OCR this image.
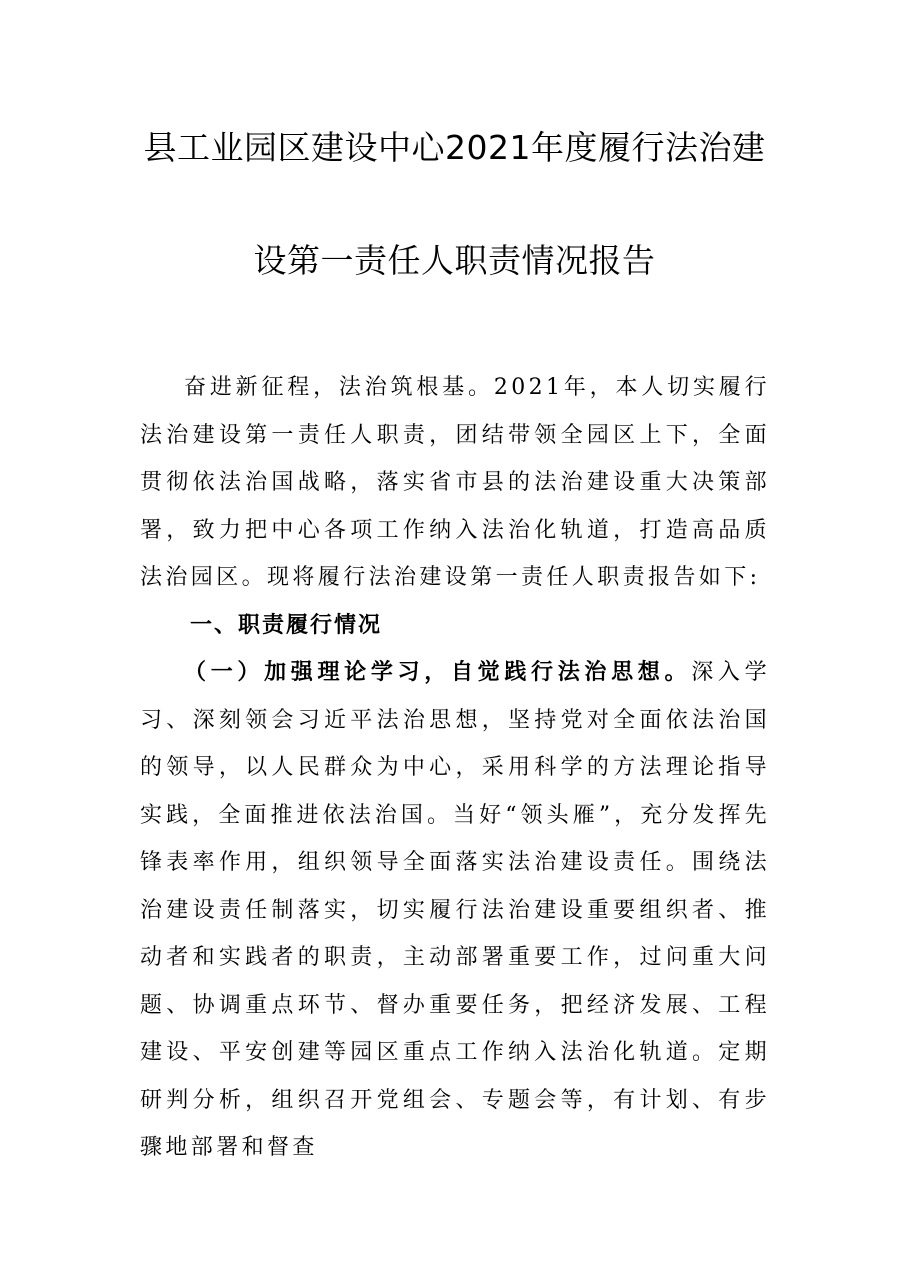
县工业园区建设中心2021年度履行法治建
设第一责任人职责情况报告

奋进新征程，法治筑根基。2021年，本人切实履行法治建设第一责任人职责，团结带领全园区上下，全面贯彻依法治国战略，落实省市县的法治建设重大决策部署，致力把中心各项工作纳入法治化轨道，打造高品质法治园区。现将履行法治建设第一责任人职责报告如下:

一、职责履行情况

（一）加强理论学习，自觉践行法治思想。深入学习、深刻领会习近平法治思想，坚持党对全面依法治国的领导，以人民群众为中心，采用科学的方法理论指导实践，全面推进依法治国。当好“领头雁”，充分发挥先锋表率作用，组织领导全面落实法治建设责任。围绕法治建设责任制落实，切实履行法治建设重要组织者、推动者和实践者的职责，主动部署重要工作，过问重大问题、协调重点环节、督办重要任务，把经济发展、工程建设、平安创建等园区重点工作纳入法治化轨道。定期研判分析，组织召开党组会、专题会等，有计划、有步骤地部署和督查
